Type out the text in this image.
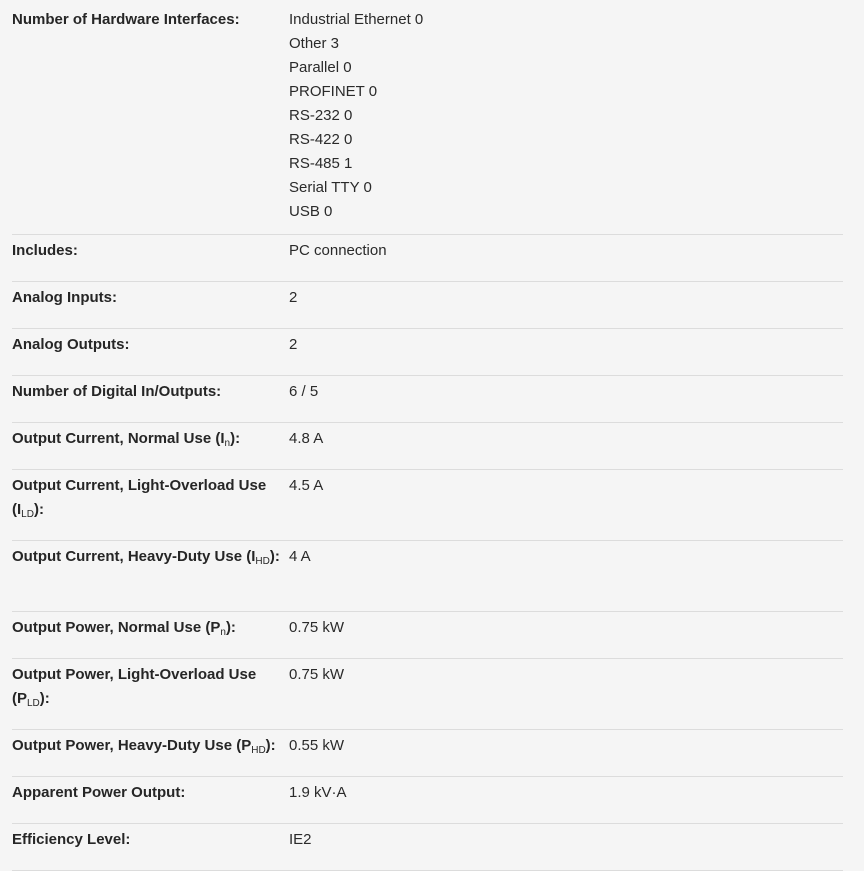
Number of Hardware Interfaces:	Industrial Ethernet 0
Other 3
Parallel 0
PROFINET 0
RS-232 0
RS-422 0
RS-485 1
Serial TTY 0
USB 0
Includes:	PC connection
Analog Inputs:	2
Analog Outputs:	2
Number of Digital In/Outputs:	6 / 5
Output Current, Normal Use $(I_n)$:	4.8 A
Output Current, Light-Overload Use $(I_{LD})$:
4.5 A
Output Current, Heavy-Duty Use $(I_{HD})$: 4 A
Output Power, Normal Use $(P_n)$:	0.75 kW
Output Power, Light-Overload Use $(P_{LD})$:
0.75 kW
Output Power, Heavy-Duty Use $(P_{HD})$: 0.55 kW
Apparent Power Output:	1.9 kV·A
Efficiency Level:	IE2
